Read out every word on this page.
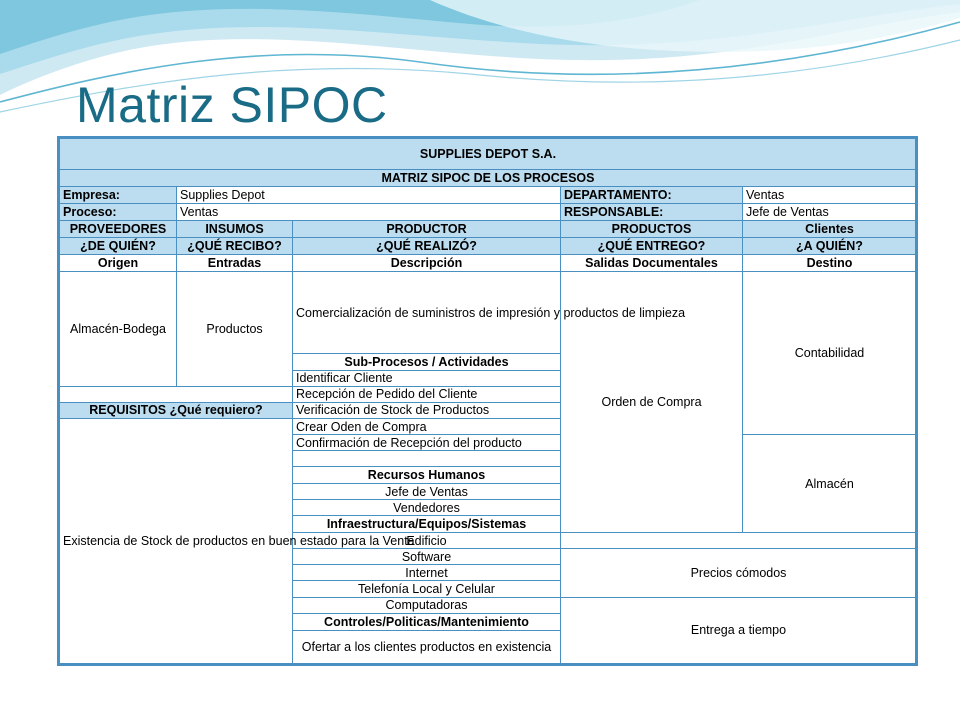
Matriz SIPOC
SUPPLIES DEPOT S.A.					
MATRIZ SIPOC DE LOS PROCESOS					
Empresa:	Supplies Depot		DEPARTAMENTO:	Ventas	
Proceso:	Ventas		RESPONSABLE:	Jefe de Ventas	
PROVEEDORES	INSUMOS	PRODUCTOR	PRODUCTOS	Clientes	
¿DE QUIÉN?	¿QUÉ RECIBO?	¿QUÉ REALIZÓ?	¿QUÉ ENTREGO?	¿A QUIÉN?	
Origen	Entradas	Descripción	Salidas Documentales	Destino	
Almacén-Bodega	Productos	Comercialización de suministros de impresión y productos de limpieza	Orden de Compra	Contabilidad	
		Sub-Procesos / Actividades			
		Identificar Cliente			
		Recepción de Pedido del Cliente			
REQUISITOS ¿Qué requiero?		Verificación de Stock de Productos			
Existencia de Stock de productos en buen estado para la Venta		Crear Oden de Compra			
		Confirmación de Recepción del producto		Almacén	

		Recursos Humanos	
		Jefe de Ventas	
		Vendedores			
		Infraestructura/Equipos/Sistemas			
		Edificio			
		Software	Precios cómodos		
		Internet			
		Telefonía Local y Celular			
		Computadoras	Entrega a tiempo		
		Controles/Politicas/Mantenimiento			
		Ofertar a los clientes productos en existencia			
